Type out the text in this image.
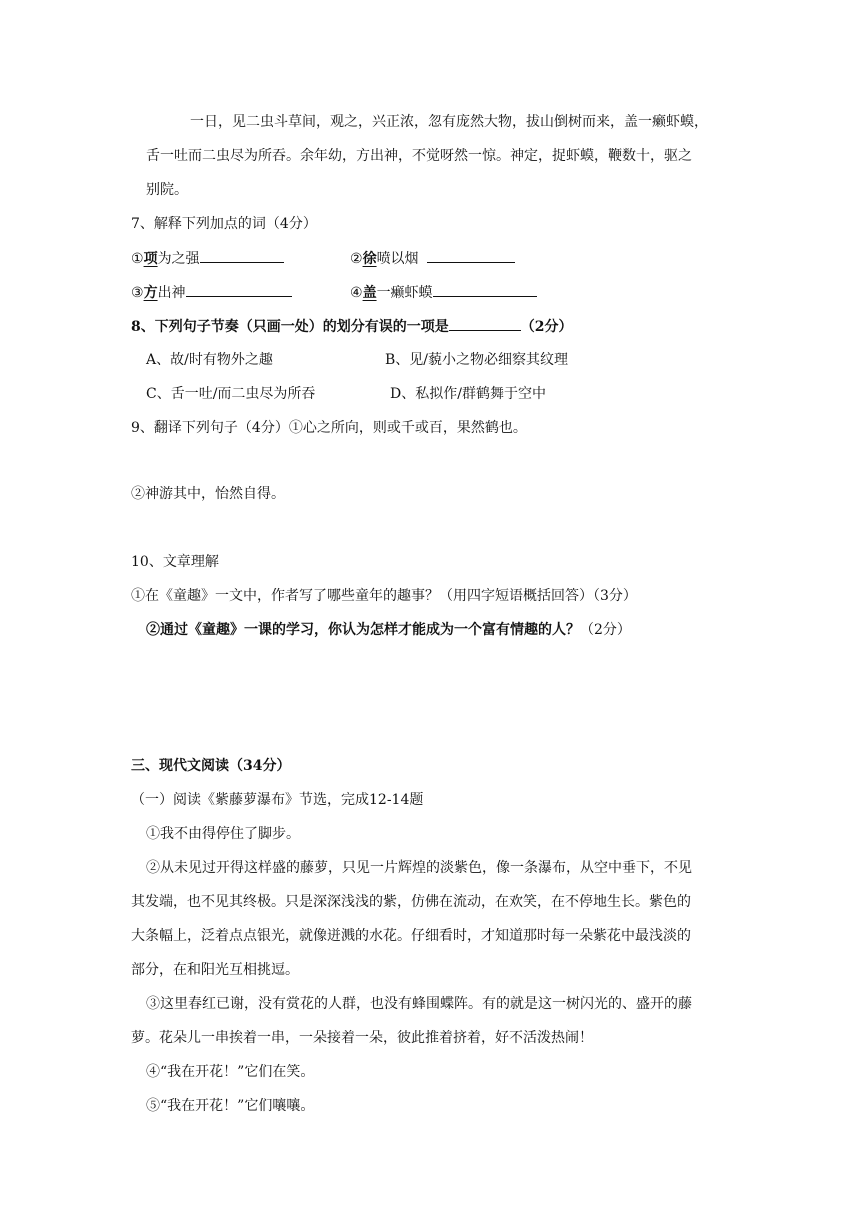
一日，见二虫斗草间，观之，兴正浓，忽有庞然大物，拔山倒树而来，盖一癞虾蟆，
舌一吐而二虫尽为所吞。余年幼，方出神，不觉呀然一惊。神定，捉虾蟆，鞭数十，驱之
别院。
7、解释下列加点的词（4分）
①项为之强	②徐喷以烟
③方出神	④盖一癞虾蟆
8、下列句子节奏（只画一处）的划分有误的一项是	（2分）
A、故/时有物外之趣	B、见/藐小之物必细察其纹理
C、舌一吐/而二虫尽为所吞	D、私拟作/群鹤舞于空中
9、翻译下列句子（4分）①心之所向，则或千或百，果然鹤也。
②神游其中，怡然自得。
10、文章理解
①在《童趣》一文中，作者写了哪些童年的趣事？（用四字短语概括回答）（3分）
②通过《童趣》一课的学习，你认为怎样才能成为一个富有情趣的人？（2分）
三、现代文阅读（34分）
（一）阅读《紫藤萝瀑布》节选，完成12-14题
①我不由得停住了脚步。
②从未见过开得这样盛的藤萝，只见一片辉煌的淡紫色，像一条瀑布，从空中垂下，不见
其发端，也不见其终极。只是深深浅浅的紫，仿佛在流动，在欢笑，在不停地生长。紫色的
大条幅上，泛着点点银光，就像迸溅的水花。仔细看时，才知道那时每一朵紫花中最浅淡的
部分，在和阳光互相挑逗。
③这里春红已谢，没有赏花的人群，也没有蜂围蝶阵。有的就是这一树闪光的、盛开的藤
萝。花朵儿一串挨着一串，一朵接着一朵，彼此推着挤着，好不活泼热闹！
④“我在开花！”它们在笑。
⑤“我在开花！”它们嚷嚷。
